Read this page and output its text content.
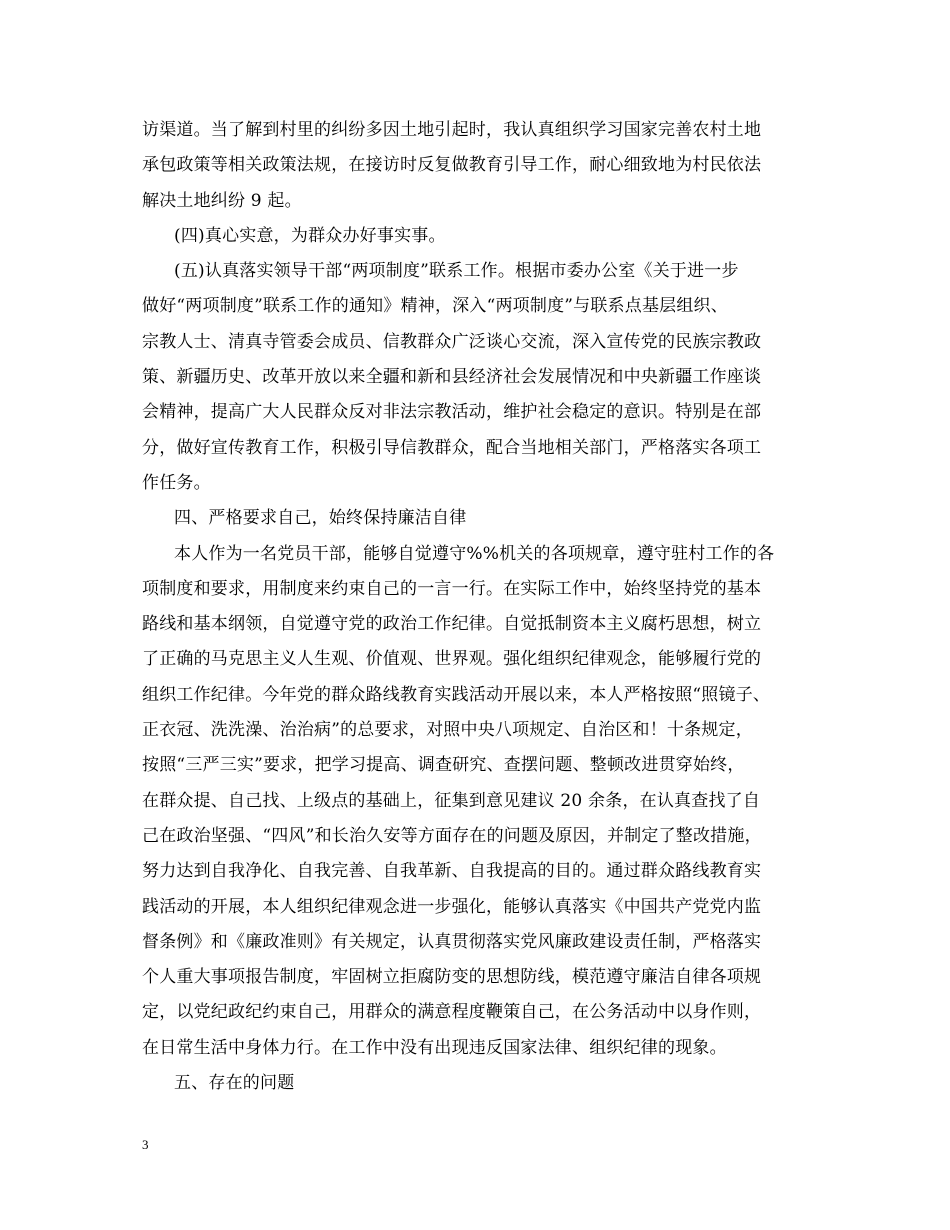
访渠道。当了解到村里的纠纷多因土地引起时，我认真组织学习国家完善农村土地
承包政策等相关政策法规，在接访时反复做教育引导工作，耐心细致地为村民依法
解决土地纠纷 9 起。
(四)真心实意，为群众办好事实事。
(五)认真落实领导干部“两项制度”联系工作。根据市委办公室《关于进一步
做好“两项制度”联系工作的通知》精神，深入“两项制度”与联系点基层组织、
宗教人士、清真寺管委会成员、信教群众广泛谈心交流，深入宣传党的民族宗教政
策、新疆历史、改革开放以来全疆和新和县经济社会发展情况和中央新疆工作座谈
会精神，提高广大人民群众反对非法宗教活动，维护社会稳定的意识。特别是在部
分，做好宣传教育工作，积极引导信教群众，配合当地相关部门，严格落实各项工
作任务。
四、严格要求自己，始终保持廉洁自律
本人作为一名党员干部，能够自觉遵守%%机关的各项规章，遵守驻村工作的各
项制度和要求，用制度来约束自己的一言一行。在实际工作中，始终坚持党的基本
路线和基本纲领，自觉遵守党的政治工作纪律。自觉抵制资本主义腐朽思想，树立
了正确的马克思主义人生观、价值观、世界观。强化组织纪律观念，能够履行党的
组织工作纪律。今年党的群众路线教育实践活动开展以来，本人严格按照“照镜子、
正衣冠、洗洗澡、治治病”的总要求，对照中央八项规定、自治区和！十条规定，
按照“三严三实”要求，把学习提高、调查研究、查摆问题、整顿改进贯穿始终，
在群众提、自己找、上级点的基础上，征集到意见建议 20 余条，在认真查找了自
己在政治坚强、“四风”和长治久安等方面存在的问题及原因，并制定了整改措施，
努力达到自我净化、自我完善、自我革新、自我提高的目的。通过群众路线教育实
践活动的开展，本人组织纪律观念进一步强化，能够认真落实《中国共产党党内监
督条例》和《廉政准则》有关规定，认真贯彻落实党风廉政建设责任制，严格落实
个人重大事项报告制度，牢固树立拒腐防变的思想防线，模范遵守廉洁自律各项规
定，以党纪政纪约束自己，用群众的满意程度鞭策自己，在公务活动中以身作则，
在日常生活中身体力行。在工作中没有出现违反国家法律、组织纪律的现象。
五、存在的问题
3
